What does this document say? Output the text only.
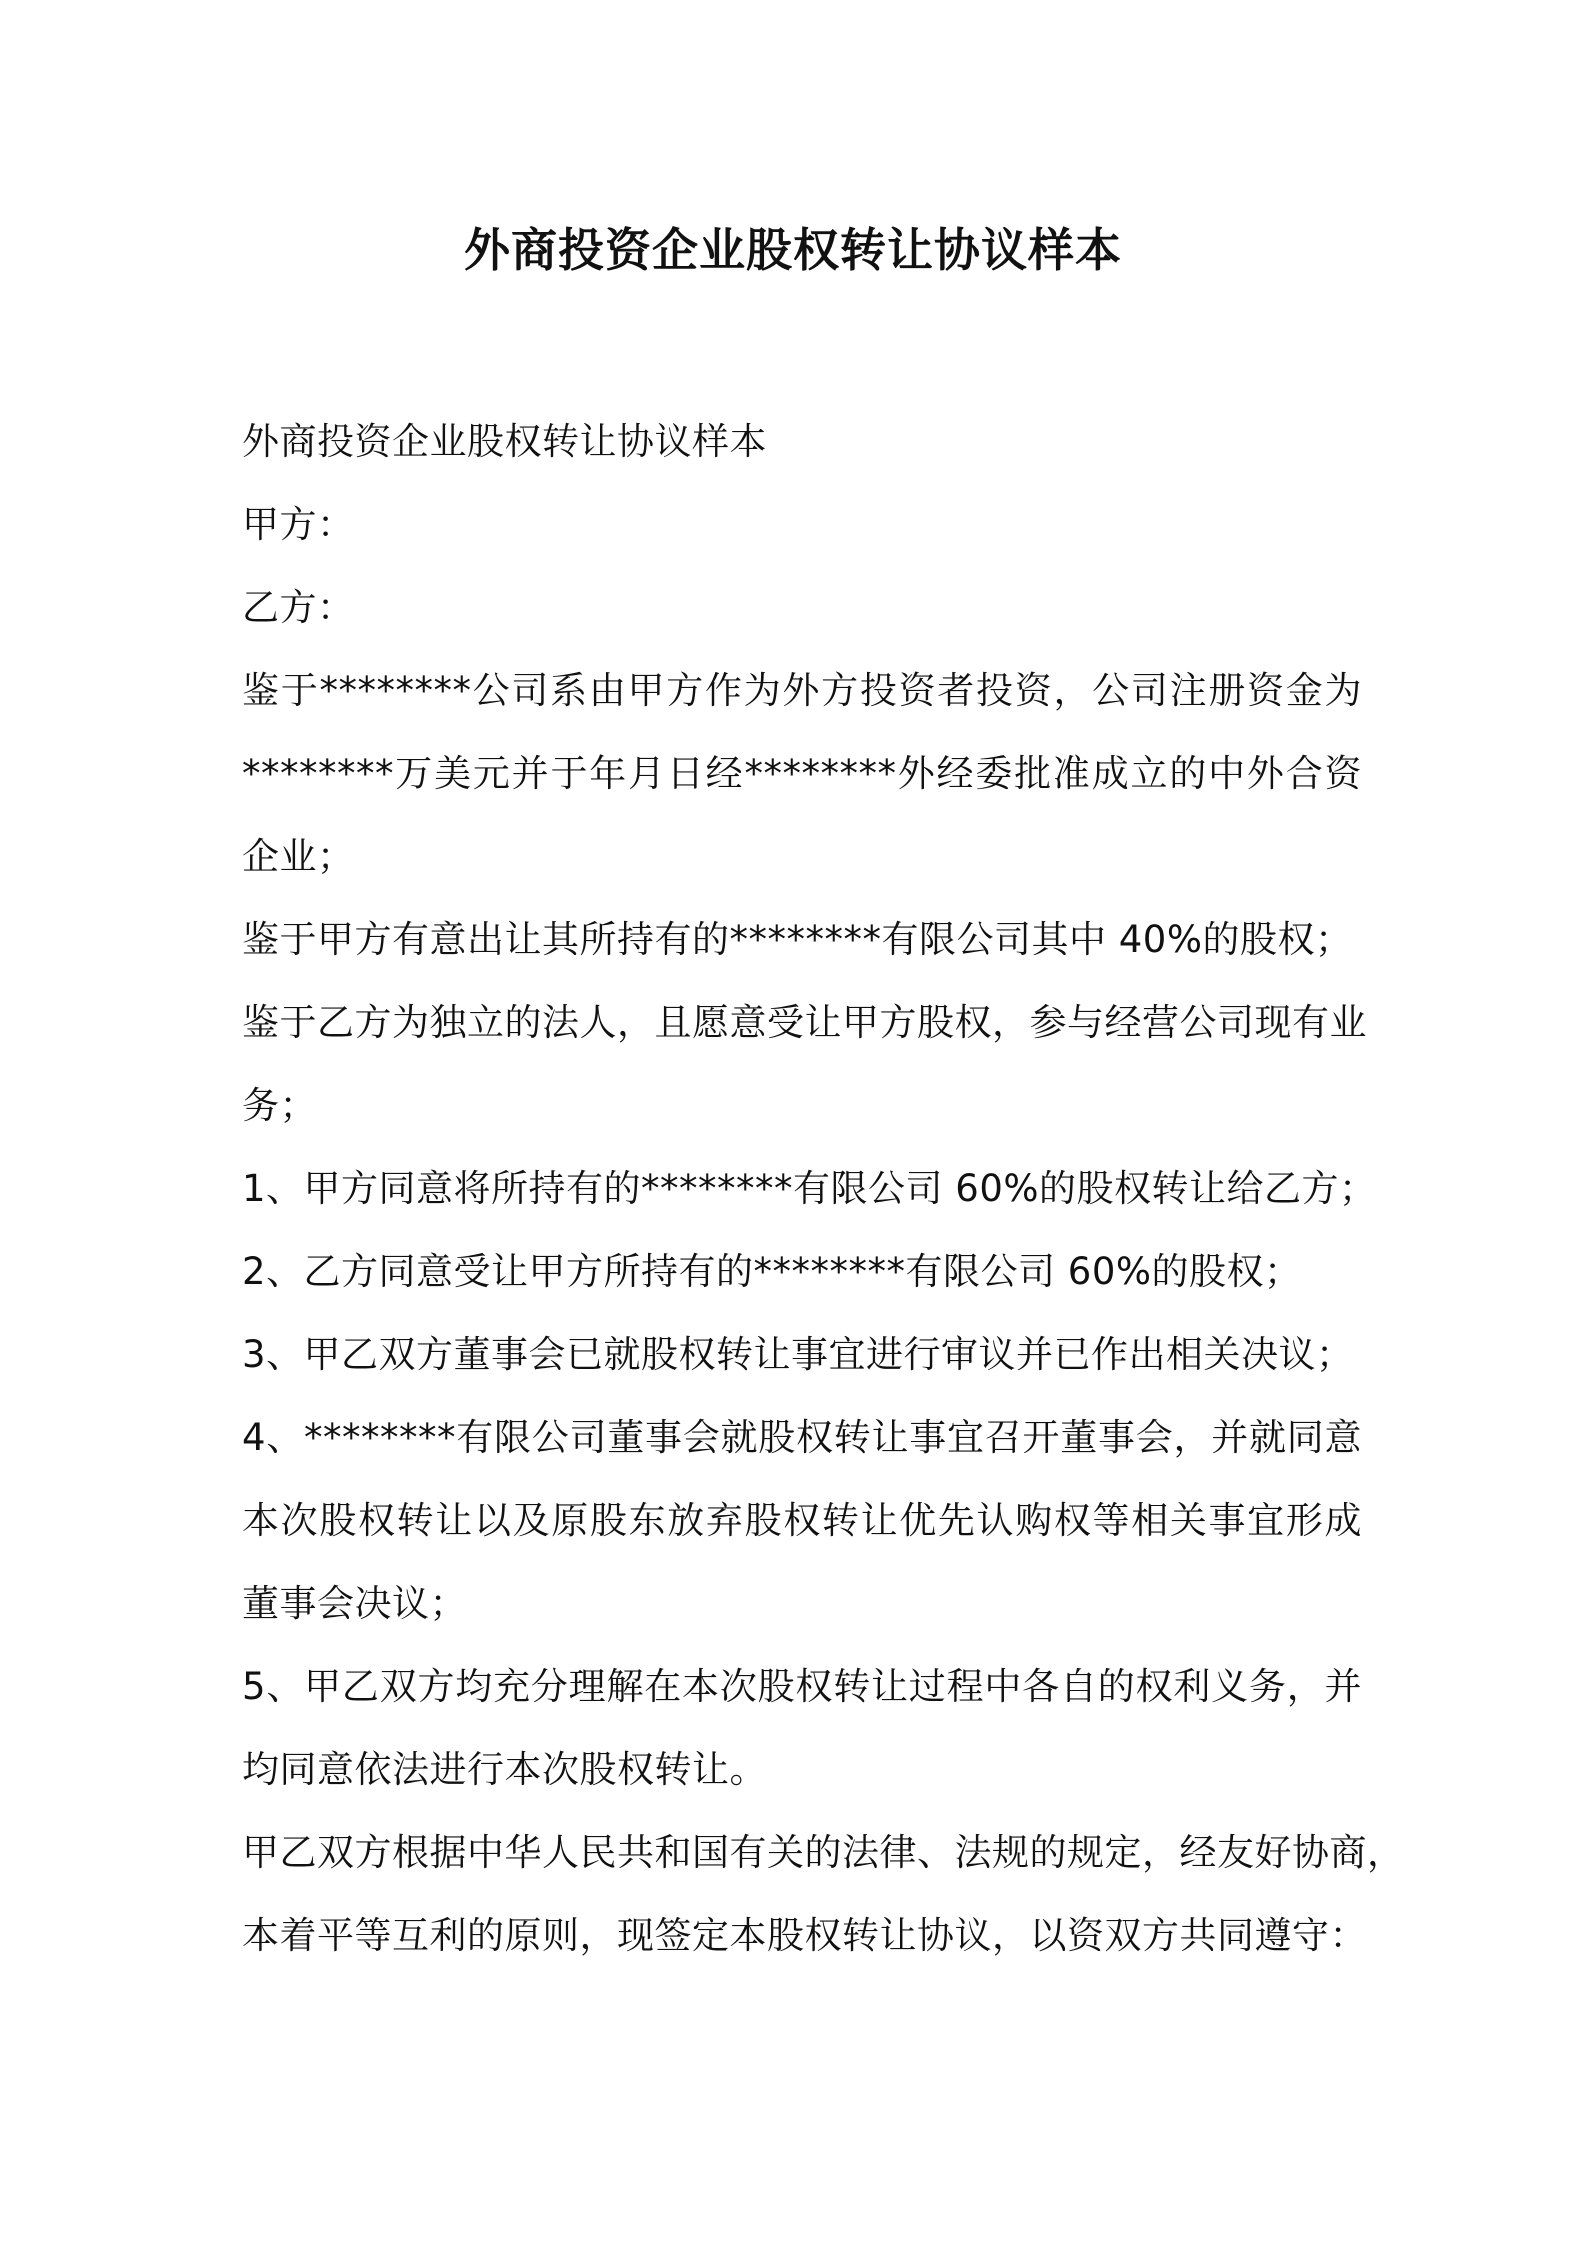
外商投资企业股权转让协议样本
外商投资企业股权转让协议样本
甲方：
乙方：
鉴于********公司系由甲方作为外方投资者投资，公司注册资金为
********万美元并于年月日经********外经委批准成立的中外合资
企业；
鉴于甲方有意出让其所持有的********有限公司其中 40%的股权；
鉴于乙方为独立的法人，且愿意受让甲方股权，参与经营公司现有业
务；
1、甲方同意将所持有的********有限公司 60%的股权转让给乙方；
2、乙方同意受让甲方所持有的********有限公司 60%的股权；
3、甲乙双方董事会已就股权转让事宜进行审议并已作出相关决议；
4、********有限公司董事会就股权转让事宜召开董事会，并就同意
本次股权转让以及原股东放弃股权转让优先认购权等相关事宜形成
董事会决议；
5、甲乙双方均充分理解在本次股权转让过程中各自的权利义务，并
均同意依法进行本次股权转让。
甲乙双方根据中华人民共和国有关的法律、法规的规定，经友好协商，
本着平等互利的原则，现签定本股权转让协议，以资双方共同遵守：
